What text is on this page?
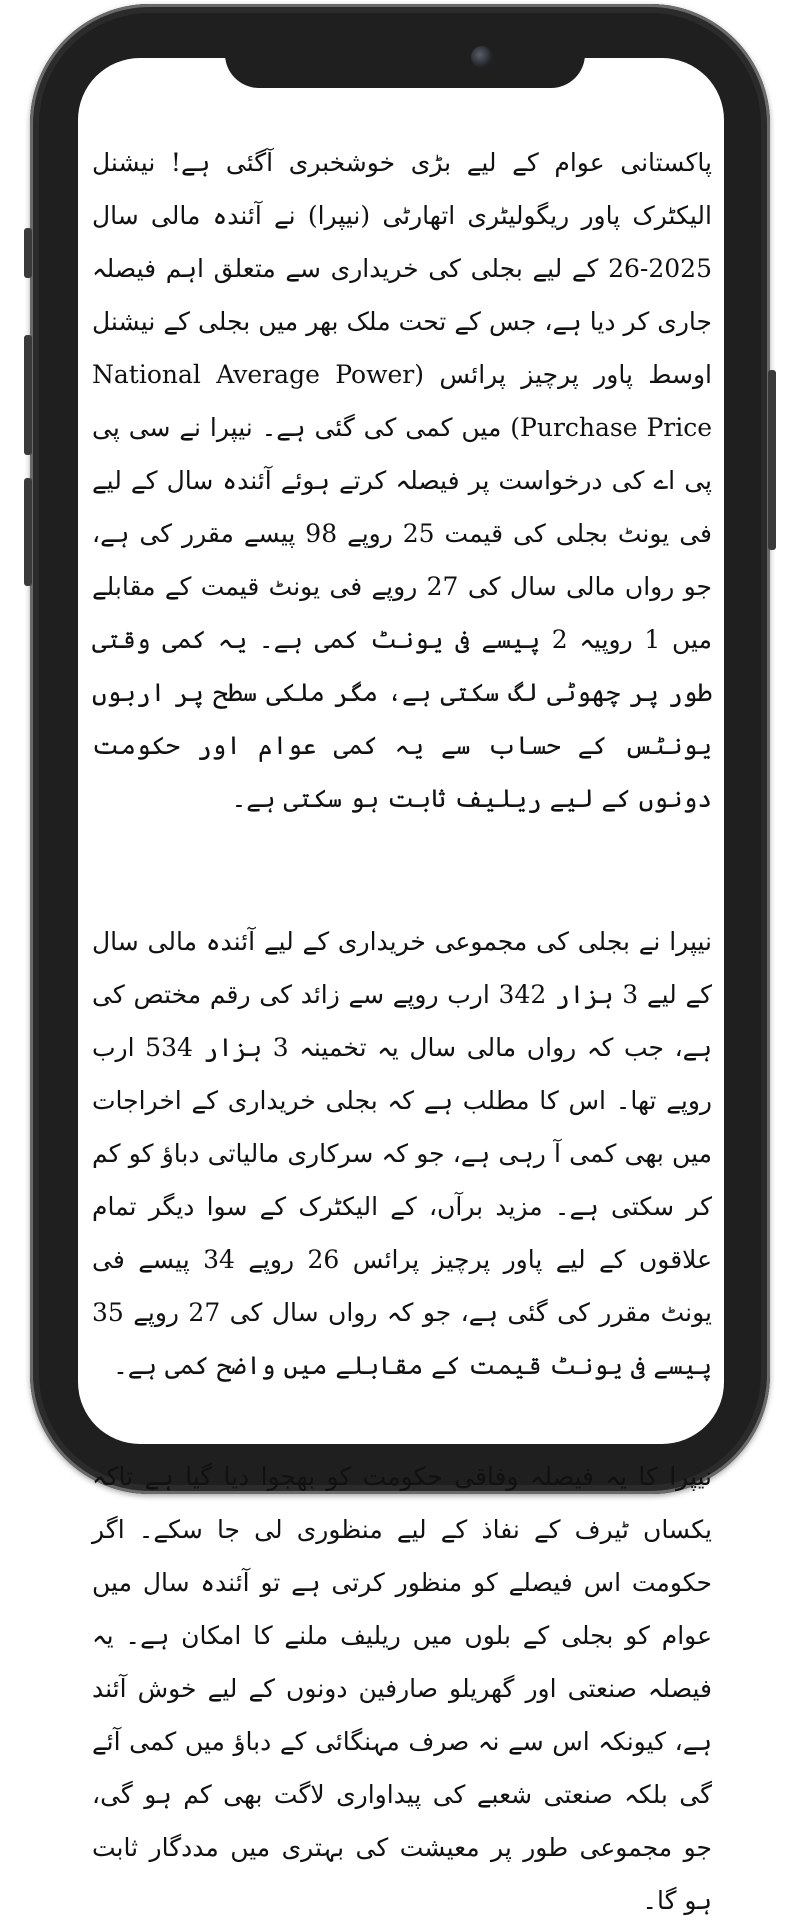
پاکستانی عوام کے لیے بڑی خوشخبری آگئی ہے! نیشنل الیکٹرک پاور ریگولیٹری اتھارٹی (نیپرا) نے آئندہ مالی سال 2025-26 کے لیے بجلی کی خریداری سے متعلق اہم فیصلہ جاری کر دیا ہے، جس کے تحت ملک بھر میں بجلی کے نیشنل اوسط پاور پرچیز پرائس (National Average Power Purchase Price) میں کمی کی گئی ہے۔ نیپرا نے سی پی پی اے کی درخواست پر فیصلہ کرتے ہوئے آئندہ سال کے لیے فی یونٹ بجلی کی قیمت 25 روپے 98 پیسے مقرر کی ہے، جو رواں مالی سال کی 27 روپے فی یونٹ قیمت کے مقابلے میں 1 روپیہ 2 پیسے فی یونٹ کمی ہے۔ یہ کمی وقتی طور پر چھوٹی لگ سکتی ہے، مگر ملکی سطح پر اربوں یونٹس کے حساب سے یہ کمی عوام اور حکومت دونوں کے لیے ریلیف ثابت ہو سکتی ہے۔

نیپرا نے بجلی کی مجموعی خریداری کے لیے آئندہ مالی سال کے لیے 3 ہزار 342 ارب روپے سے زائد کی رقم مختص کی ہے، جب کہ رواں مالی سال یہ تخمینہ 3 ہزار 534 ارب روپے تھا۔ اس کا مطلب ہے کہ بجلی خریداری کے اخراجات میں بھی کمی آ رہی ہے، جو کہ سرکاری مالیاتی دباؤ کو کم کر سکتی ہے۔ مزید برآں، کے الیکٹرک کے سوا دیگر تمام علاقوں کے لیے پاور پرچیز پرائس 26 روپے 34 پیسے فی یونٹ مقرر کی گئی ہے، جو کہ رواں سال کی 27 روپے 35 پیسے فی یونٹ قیمت کے مقابلے میں واضح کمی ہے۔

نیپرا کا یہ فیصلہ وفاقی حکومت کو بھجوا دیا گیا ہے تاکہ یکساں ٹیرف کے نفاذ کے لیے منظوری لی جا سکے۔ اگر حکومت اس فیصلے کو منظور کرتی ہے تو آئندہ سال میں عوام کو بجلی کے بلوں میں ریلیف ملنے کا امکان ہے۔ یہ فیصلہ صنعتی اور گھریلو صارفین دونوں کے لیے خوش آئند ہے، کیونکہ اس سے نہ صرف مہنگائی کے دباؤ میں کمی آئے گی بلکہ صنعتی شعبے کی پیداواری لاگت بھی کم ہو گی، جو مجموعی طور پر معیشت کی بہتری میں مددگار ثابت ہو گا۔
